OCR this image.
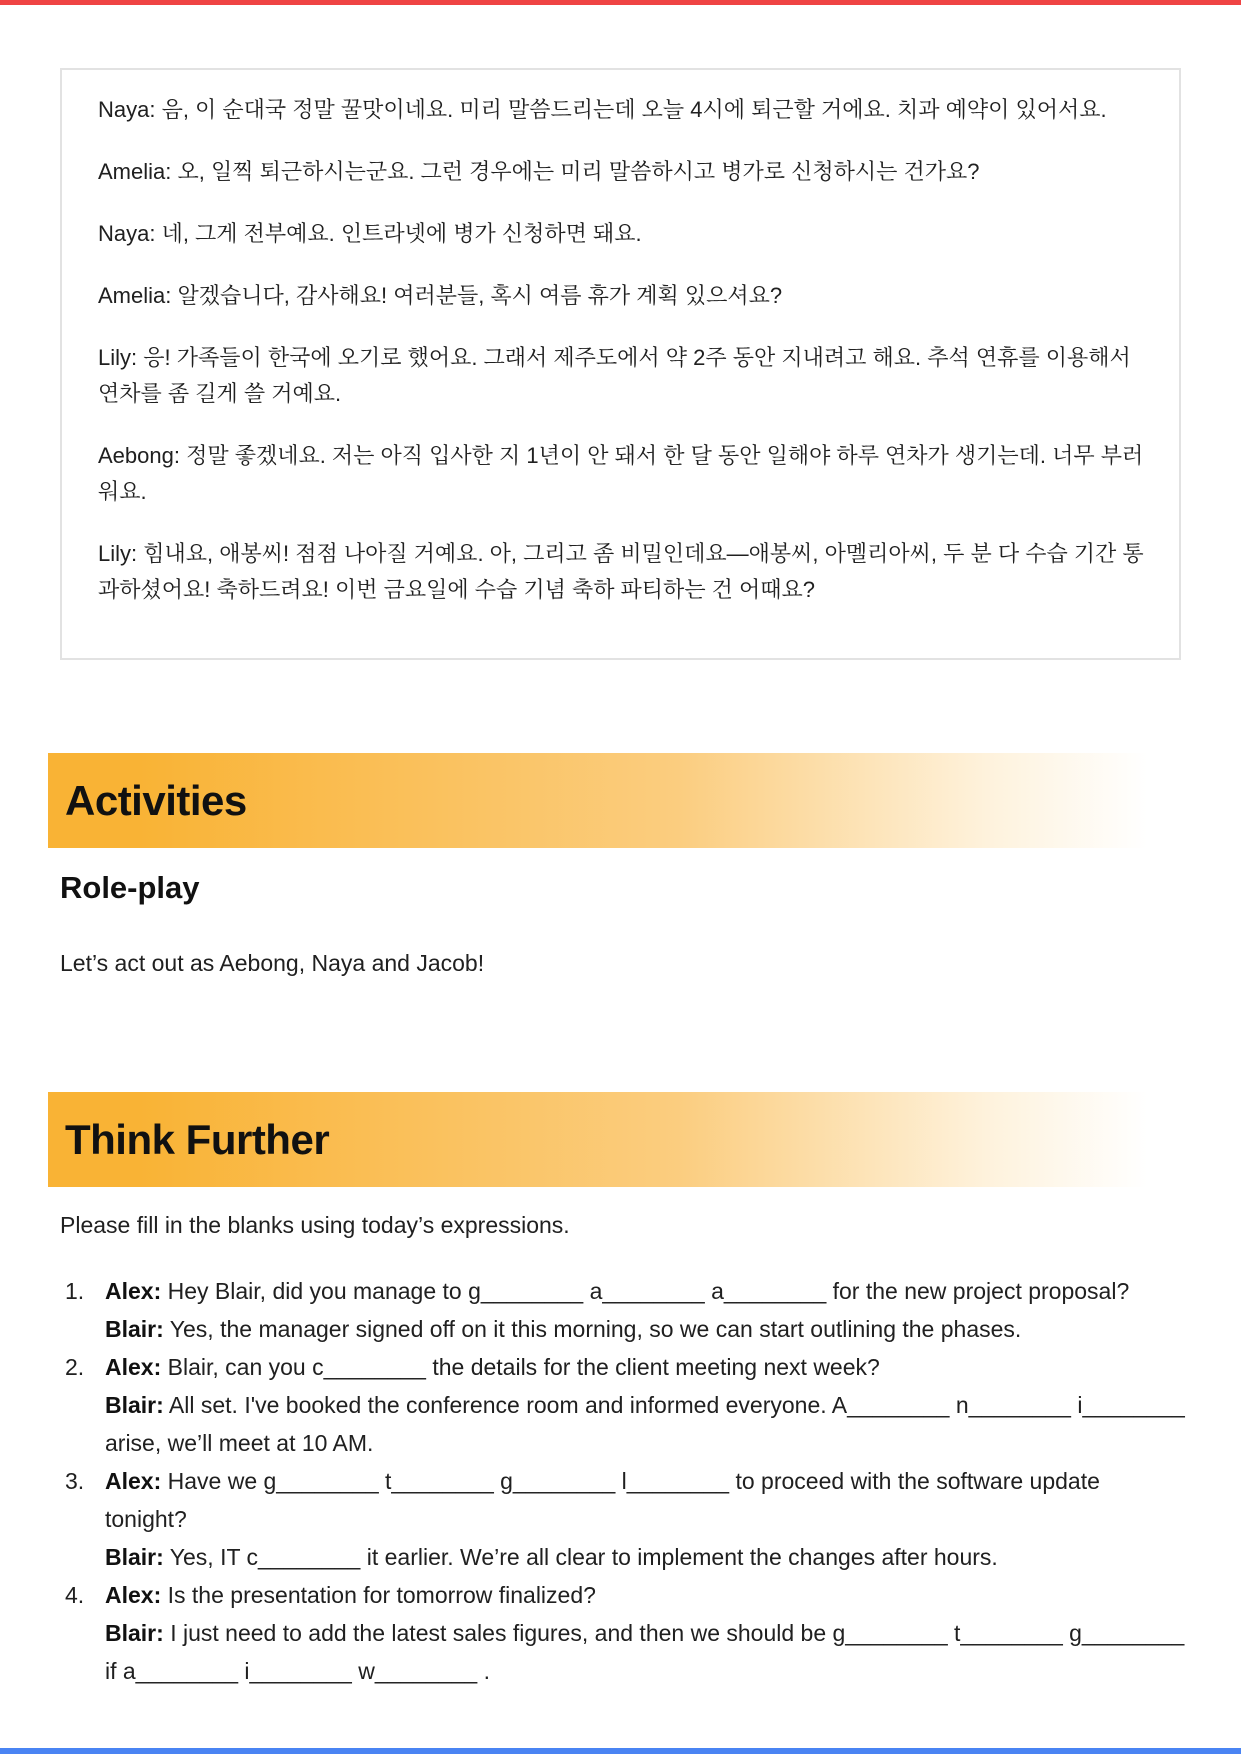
Naya: 음, 이 순대국 정말 꿀맛이네요. 미리 말씀드리는데 오늘 4시에 퇴근할 거에요. 치과 예약이 있어서요.

Amelia: 오, 일찍 퇴근하시는군요. 그런 경우에는 미리 말씀하시고 병가로 신청하시는 건가요?

Naya: 네, 그게 전부예요. 인트라넷에 병가 신청하면 돼요.

Amelia: 알겠습니다, 감사해요! 여러분들, 혹시 여름 휴가 계획 있으셔요?

Lily: 응! 가족들이 한국에 오기로 했어요. 그래서 제주도에서 약 2주 동안 지내려고 해요. 추석 연휴를 이용해서 연차를 좀 길게 쓸 거예요.

Aebong: 정말 좋겠네요. 저는 아직 입사한 지 1년이 안 돼서 한 달 동안 일해야 하루 연차가 생기는데. 너무 부러워요.

Lily: 힘내요, 애봉씨! 점점 나아질 거예요. 아, 그리고 좀 비밀인데요—애봉씨, 아멜리아씨, 두 분 다 수습 기간 통과하셨어요! 축하드려요! 이번 금요일에 수습 기념 축하 파티하는 건 어때요?

Activities
Role-play

Let’s act out as Aebong, Naya and Jacob!

Think Further

Please fill in the blanks using today’s expressions.

1. Alex: Hey Blair, did you manage to g________ a________ a________ for the new project proposal?

Blair: Yes, the manager signed off on it this morning, so we can start outlining the phases.

2. Alex: Blair, can you c________ the details for the client meeting next week?

Blair: All set. I've booked the conference room and informed everyone. A________ n________ i________ arise, we’ll meet at 10 AM.

3. Alex: Have we g________ t________ g________ l________ to proceed with the software update tonight?

Blair: Yes, IT c________ it earlier. We’re all clear to implement the changes after hours.

4. Alex: Is the presentation for tomorrow finalized?

Blair: I just need to add the latest sales figures, and then we should be g________ t________ g________ if a________ i________ w________ .
